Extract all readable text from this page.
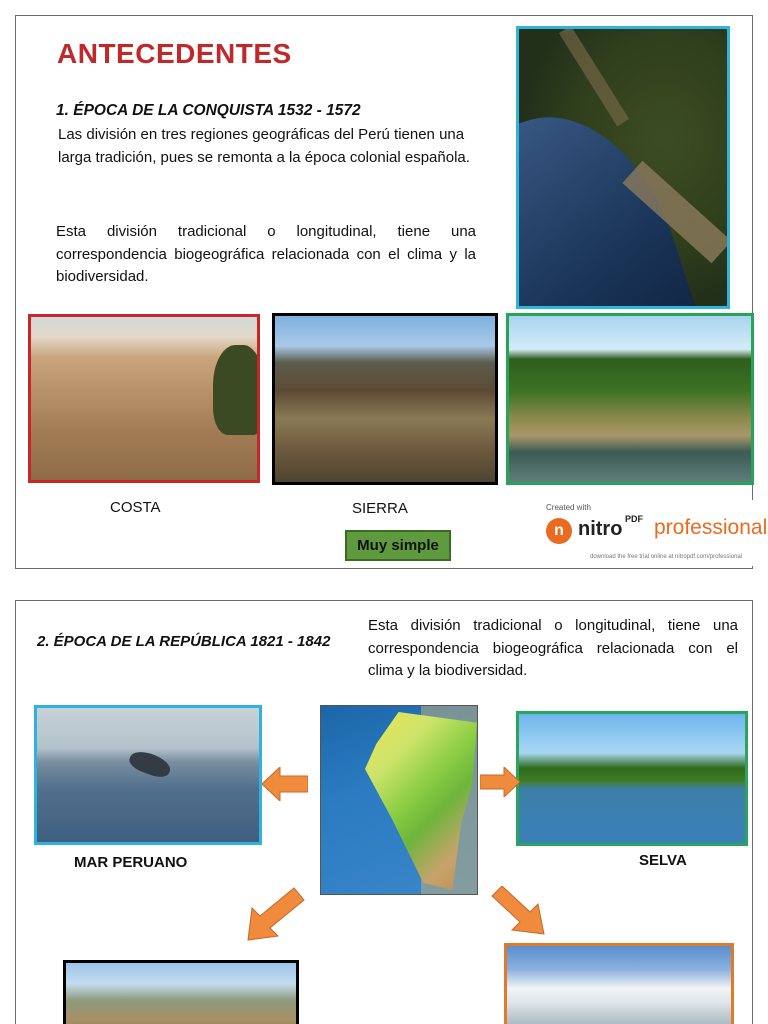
ANTECEDENTES
1. ÉPOCA DE LA CONQUISTA 1532 - 1572
Las división en tres regiones geográficas del Perú tienen una larga tradición, pues se remonta a la época colonial española.
Esta división tradicional o longitudinal, tiene una correspondencia biogeográfica relacionada con el clima y la biodiversidad.
COSTA	SIERRA
Muy simple
Created with
n nitro PDF professional
download the free trial online at nitropdf.com/professional
2. ÉPOCA DE LA REPÚBLICA 1821 - 1842
Esta división tradicional o longitudinal, tiene una correspondencia biogeográfica relacionada con el clima y la biodiversidad.
MAR PERUANO	SELVA
